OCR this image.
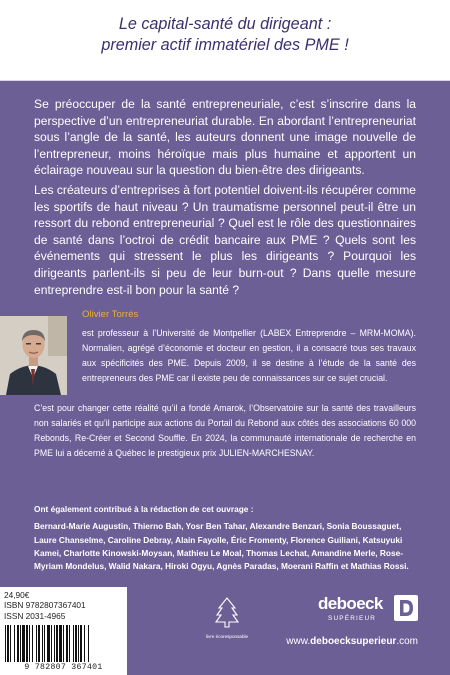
Le capital-santé du dirigeant :
premier actif immatériel des PME !

Se préoccuper de la santé entrepreneuriale, c’est s’inscrire dans la perspective d’un entrepreneuriat durable. En abordant l’entrepreneuriat sous l’angle de la santé, les auteurs donnent une image nouvelle de l’entrepreneur, moins héroïque mais plus humaine et apportent un éclairage nouveau sur la question du bien-être des dirigeants.

Les créateurs d’entreprises à fort potentiel doivent-ils récupérer comme les sportifs de haut niveau ? Un traumatisme personnel peut-il être un ressort du rebond entrepreneurial ? Quel est le rôle des questionnaires de santé dans l’octroi de crédit bancaire aux PME ? Quels sont les événements qui stressent le plus les dirigeants ? Pourquoi les dirigeants parlent-ils si peu de leur burn-out ? Dans quelle mesure entreprendre est-il bon pour la santé ?

Olivier Torrès

est professeur à l’Université de Montpellier (LABEX Entreprendre – MRM-MOMA). Normalien, agrégé d’économie et docteur en gestion, il a consacré tous ses travaux aux spécificités des PME. Depuis 2009, il se destine à l’étude de la santé des entrepreneurs des PME car il existe peu de connaissances sur ce sujet crucial.

C’est pour changer cette réalité qu’il a fondé Amarok, l’Observatoire sur la santé des travailleurs non salariés et qu’il participe aux actions du Portail du Rebond aux côtés des associations 60 000 Rebonds, Re-Créer et Second Souffle. En 2024, la communauté internationale de recherche en PME lui a décerné à Québec le prestigieux prix JULIEN-MARCHESNAY.

Ont également contribué à la rédaction de cet ouvrage :
Bernard-Marie Augustin, Thierno Bah, Yosr Ben Tahar, Alexandre Benzari, Sonia Boussaguet, Laure Chanselme, Caroline Debray, Alain Fayolle, Éric Fromenty, Florence Guiliani, Katsuyuki Kamei, Charlotte Kinowski-Moysan, Mathieu Le Moal, Thomas Lechat, Amandine Merle, Rose-Myriam Mondelus, Walid Nakara, Hiroki Ogyu, Agnès Paradas, Moerani Raffin et Mathias Rossi.
24,90€
ISBN 9782807367401
ISSN 2031-4965
9 782807 367401
livre écoresponsable
deboeck
SUPÉRIEUR
www.deboecksuperieur.com
